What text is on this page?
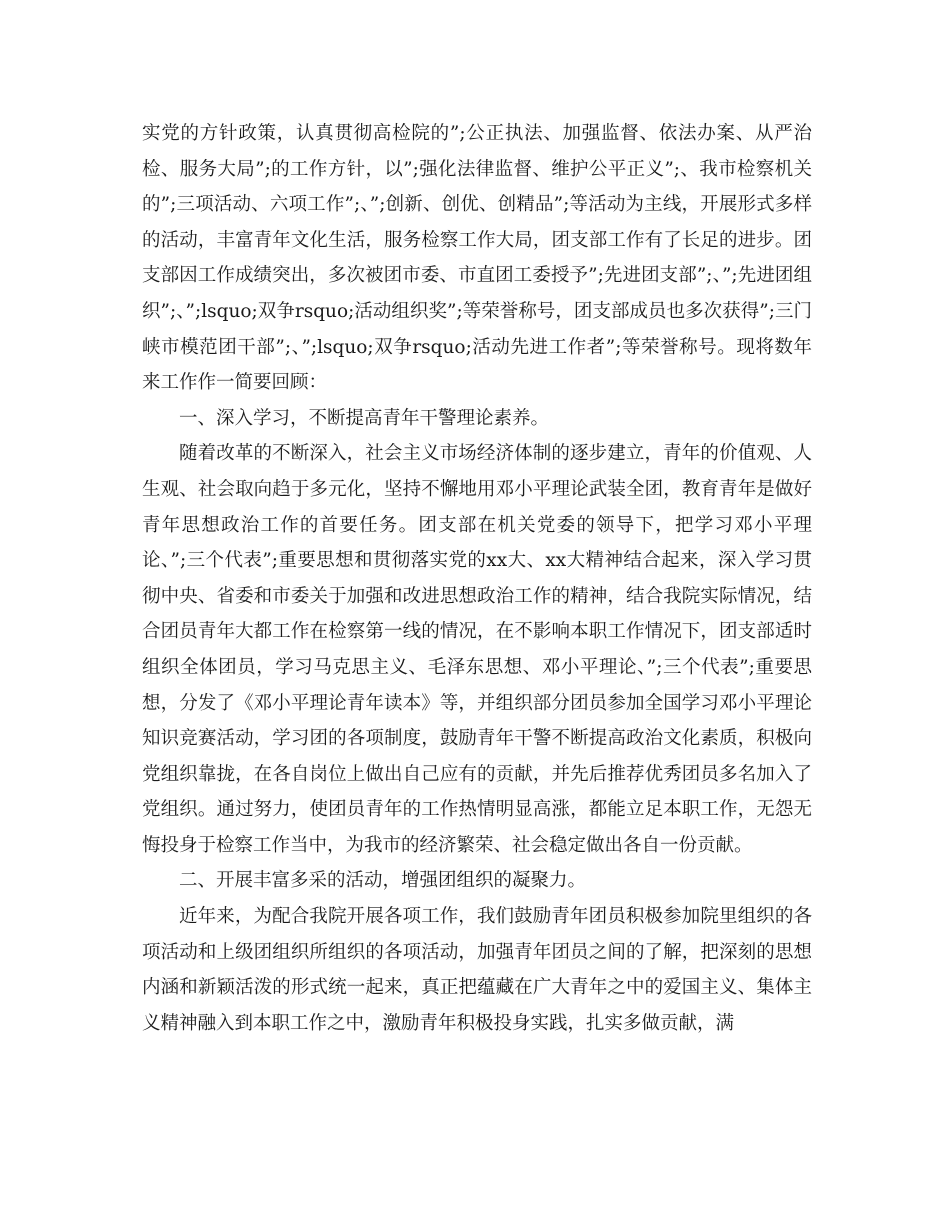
实党的方针政策，认真贯彻高检院的”;公正执法、加强监督、依法办案、从严治检、服务大局”;的工作方针，以”;强化法律监督、维护公平正义”;、我市检察机关的”;三项活动、六项工作”;、”;创新、创优、创精品”;等活动为主线，开展形式多样的活动，丰富青年文化生活，服务检察工作大局，团支部工作有了长足的进步。团支部因工作成绩突出，多次被团市委、市直团工委授予”;先进团支部”;、”;先进团组织”;、”;lsquo;双争rsquo;活动组织奖”;等荣誉称号，团支部成员也多次获得”;三门峡市模范团干部”;、”;lsquo;双争rsquo;活动先进工作者”;等荣誉称号。现将数年来工作作一简要回顾：

一、深入学习，不断提高青年干警理论素养。

随着改革的不断深入，社会主义市场经济体制的逐步建立，青年的价值观、人生观、社会取向趋于多元化，坚持不懈地用邓小平理论武装全团，教育青年是做好青年思想政治工作的首要任务。团支部在机关党委的领导下，把学习邓小平理论、”;三个代表”;重要思想和贯彻落实党的xx大、xx大精神结合起来，深入学习贯彻中央、省委和市委关于加强和改进思想政治工作的精神，结合我院实际情况，结合团员青年大都工作在检察第一线的情况，在不影响本职工作情况下，团支部适时组织全体团员，学习马克思主义、毛泽东思想、邓小平理论、”;三个代表”;重要思想，分发了《邓小平理论青年读本》等，并组织部分团员参加全国学习邓小平理论知识竞赛活动，学习团的各项制度，鼓励青年干警不断提高政治文化素质，积极向党组织靠拢，在各自岗位上做出自己应有的贡献，并先后推荐优秀团员多名加入了党组织。通过努力，使团员青年的工作热情明显高涨，都能立足本职工作，无怨无悔投身于检察工作当中，为我市的经济繁荣、社会稳定做出各自一份贡献。

二、开展丰富多采的活动，增强团组织的凝聚力。

近年来，为配合我院开展各项工作，我们鼓励青年团员积极参加院里组织的各项活动和上级团组织所组织的各项活动，加强青年团员之间的了解，把深刻的思想内涵和新颖活泼的形式统一起来，真正把蕴藏在广大青年之中的爱国主义、集体主义精神融入到本职工作之中，激励青年积极投身实践，扎实多做贡献，满
